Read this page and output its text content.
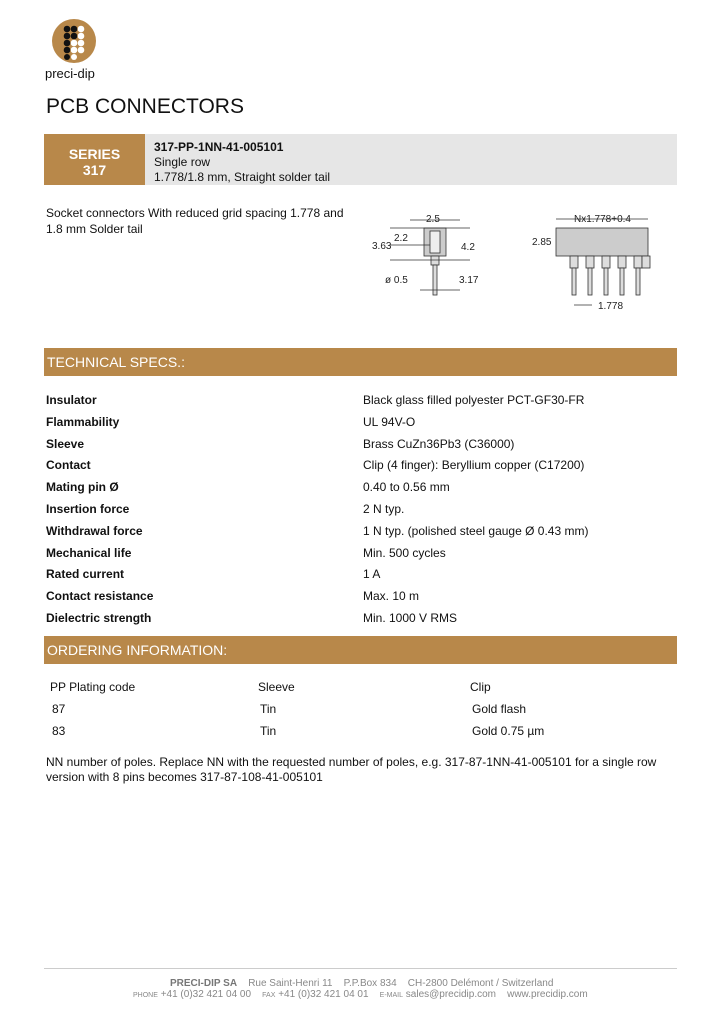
preci-dip
PCB CONNECTORS
SERIES
317
317-PP-1NN-41-005101
Single row
1.778/1.8 mm, Straight solder tail
Socket connectors With reduced grid spacing 1.778 and 1.8 mm Solder tail
2.5
2.2
3.63	4.2
ø 0.5	3.17
Nx1.778+0.4
2.85
1.778
TECHNICAL SPECS.:
Insulator	Black glass filled polyester PCT-GF30-FR
Flammability	UL 94V-O
Sleeve	Brass CuZn36Pb3 (C36000)
Contact	Clip (4 finger): Beryllium copper (C17200)
Mating pin Ø	0.40 to 0.56 mm
Insertion force	2 N typ.
Withdrawal force	1 N typ. (polished steel gauge Ø 0.43 mm)
Mechanical life	Min. 500 cycles
Rated current	1 A
Contact resistance	Max. 10 m
Dielectric strength	Min. 1000 V RMS
ORDERING INFORMATION:
PP Plating code	Sleeve	Clip
87	Tin	Gold flash
83	Tin	Gold 0.75 µm
NN number of poles. Replace NN with the requested number of poles, e.g. 317-87-1NN-41-005101 for a single row version with 8 pins becomes 317-87-108-41-005101
PRECI-DIP SA Rue Saint-Henri 11 P.P.Box 834 CH-2800 Delémont / Switzerland
PHONE +41 (0)32 421 04 00 FAX +41 (0)32 421 04 01 E-MAIL sales@precidip.com www.precidip.com
